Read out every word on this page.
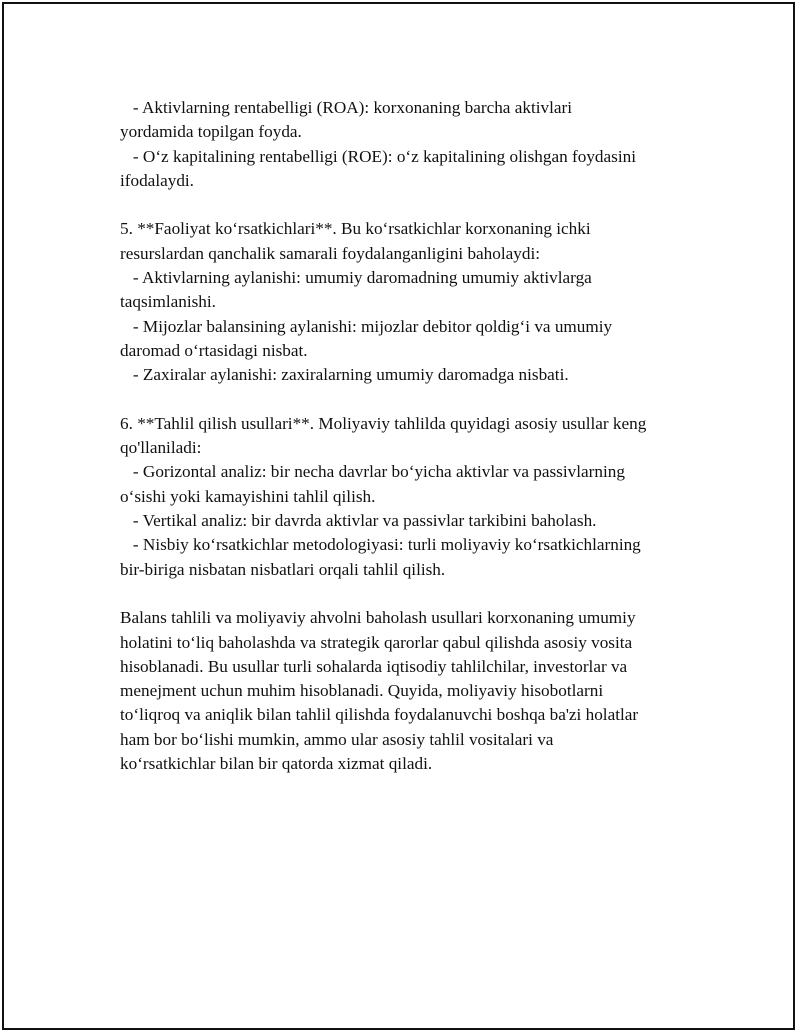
- Aktivlarning rentabelligi (ROA): korxonaning barcha aktivlari
yordamida topilgan foyda.
- O‘z kapitalining rentabelligi (ROE): o‘z kapitalining olishgan foydasini
ifodalaydi.
5. **Faoliyat ko‘rsatkichlari**. Bu ko‘rsatkichlar korxonaning ichki
resurslardan qanchalik samarali foydalanganligini baholaydi:
- Aktivlarning aylanishi: umumiy daromadning umumiy aktivlarga
taqsimlanishi.
- Mijozlar balansining aylanishi: mijozlar debitor qoldig‘i va umumiy
daromad o‘rtasidagi nisbat.
- Zaxiralar aylanishi: zaxiralarning umumiy daromadga nisbati.
6. **Tahlil qilish usullari**. Moliyaviy tahlilda quyidagi asosiy usullar keng
qo'llaniladi:
- Gorizontal analiz: bir necha davrlar bo‘yicha aktivlar va passivlarning
o‘sishi yoki kamayishini tahlil qilish.
- Vertikal analiz: bir davrda aktivlar va passivlar tarkibini baholash.
- Nisbiy ko‘rsatkichlar metodologiyasi: turli moliyaviy ko‘rsatkichlarning
bir-biriga nisbatan nisbatlari orqali tahlil qilish.
Balans tahlili va moliyaviy ahvolni baholash usullari korxonaning umumiy
holatini to‘liq baholashda va strategik qarorlar qabul qilishda asosiy vosita
hisoblanadi. Bu usullar turli sohalarda iqtisodiy tahlilchilar, investorlar va
menejment uchun muhim hisoblanadi. Quyida, moliyaviy hisobotlarni
to‘liqroq va aniqlik bilan tahlil qilishda foydalanuvchi boshqa ba'zi holatlar
ham bor bo‘lishi mumkin, ammo ular asosiy tahlil vositalari va
ko‘rsatkichlar bilan bir qatorda xizmat qiladi.
